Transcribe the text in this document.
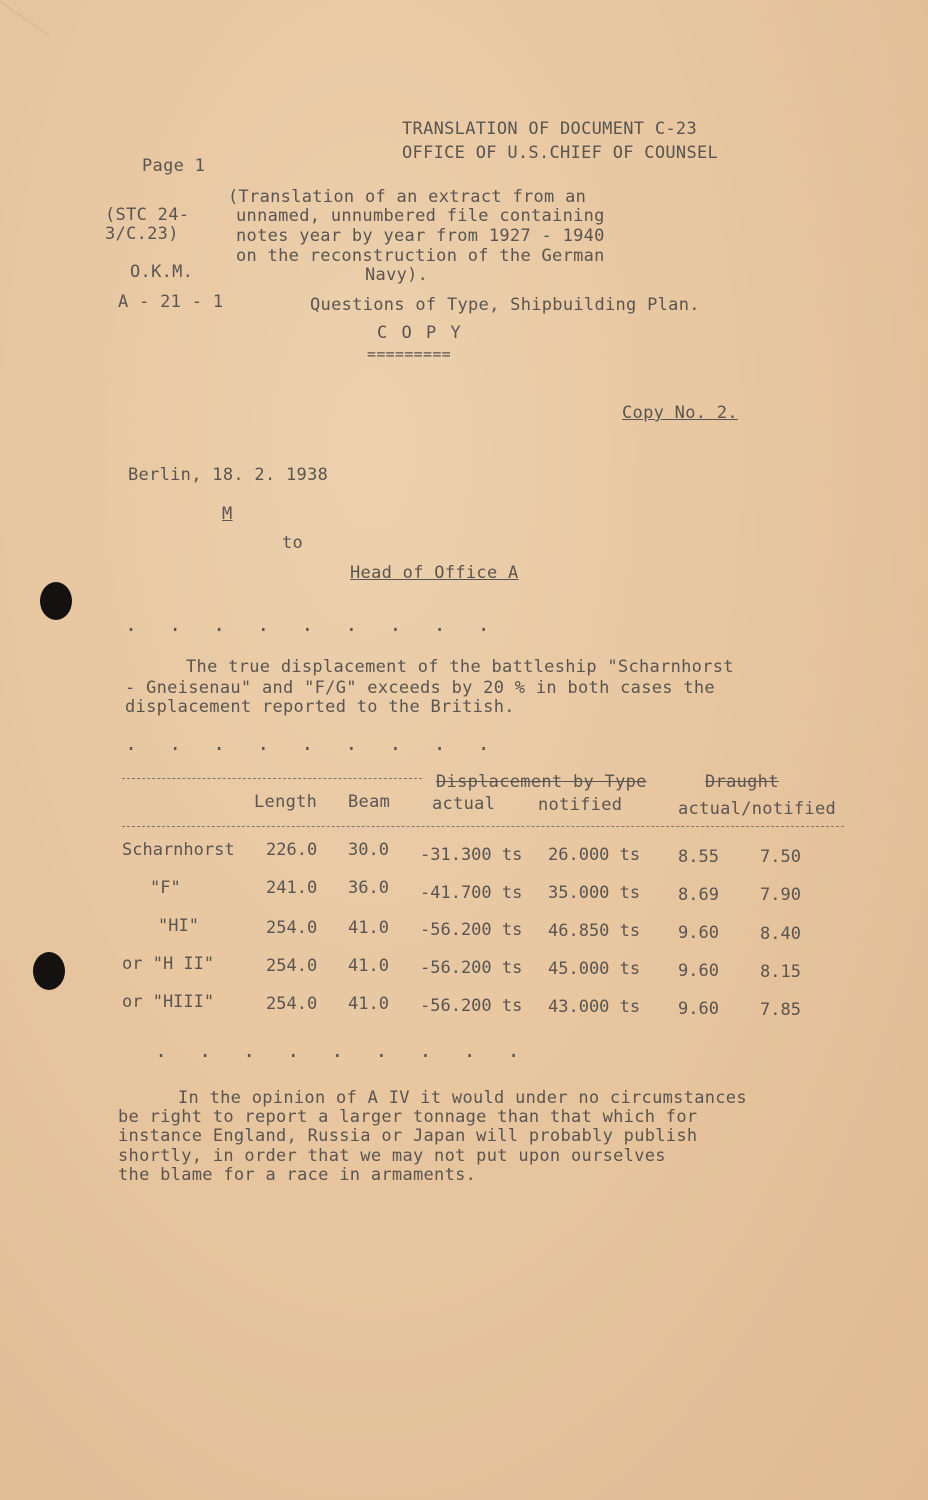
TRANSLATION OF DOCUMENT C-23
OFFICE OF U.S.CHIEF OF COUNSEL
Page 1
(STC 24-
3/C.23)
(Translation of an extract from an
unnamed, unnumbered file containing
notes year by year from 1927 - 1940
on the reconstruction of the German
Navy).
O.K.M.
A - 21 - 1	Questions of Type, Shipbuilding Plan.
C O P Y
=========
Copy No. 2.
Berlin, 18. 2. 1938
M
to
Head of Office A
. . . . . . . . .
The true displacement of the battleship "Scharnhorst
- Gneisenau" and "F/G" exceeds by 20 % in both cases the
displacement reported to the British.
. . . . . . . . .
Displacement by Type	Draught
Length Beam actual	notified	actual/notified
Scharnhorst 226.0 30.0 -31.300 ts 26.000 ts 8.55 7.50
"F"	241.0 36.0 -41.700 ts 35.000 ts 8.69 7.90
"HI"	254.0 41.0 -56.200 ts 46.850 ts 9.60 8.40
or "H II"	254.0 41.0 -56.200 ts 45.000 ts 9.60 8.15
or "HIII"	254.0 41.0 -56.200 ts 43.000 ts 9.60 7.85
. . . . . . . . .
In the opinion of A IV it would under no circumstances
be right to report a larger tonnage than that which for
instance England, Russia or Japan will probably publish
shortly, in order that we may not put upon ourselves
the blame for a race in armaments.
